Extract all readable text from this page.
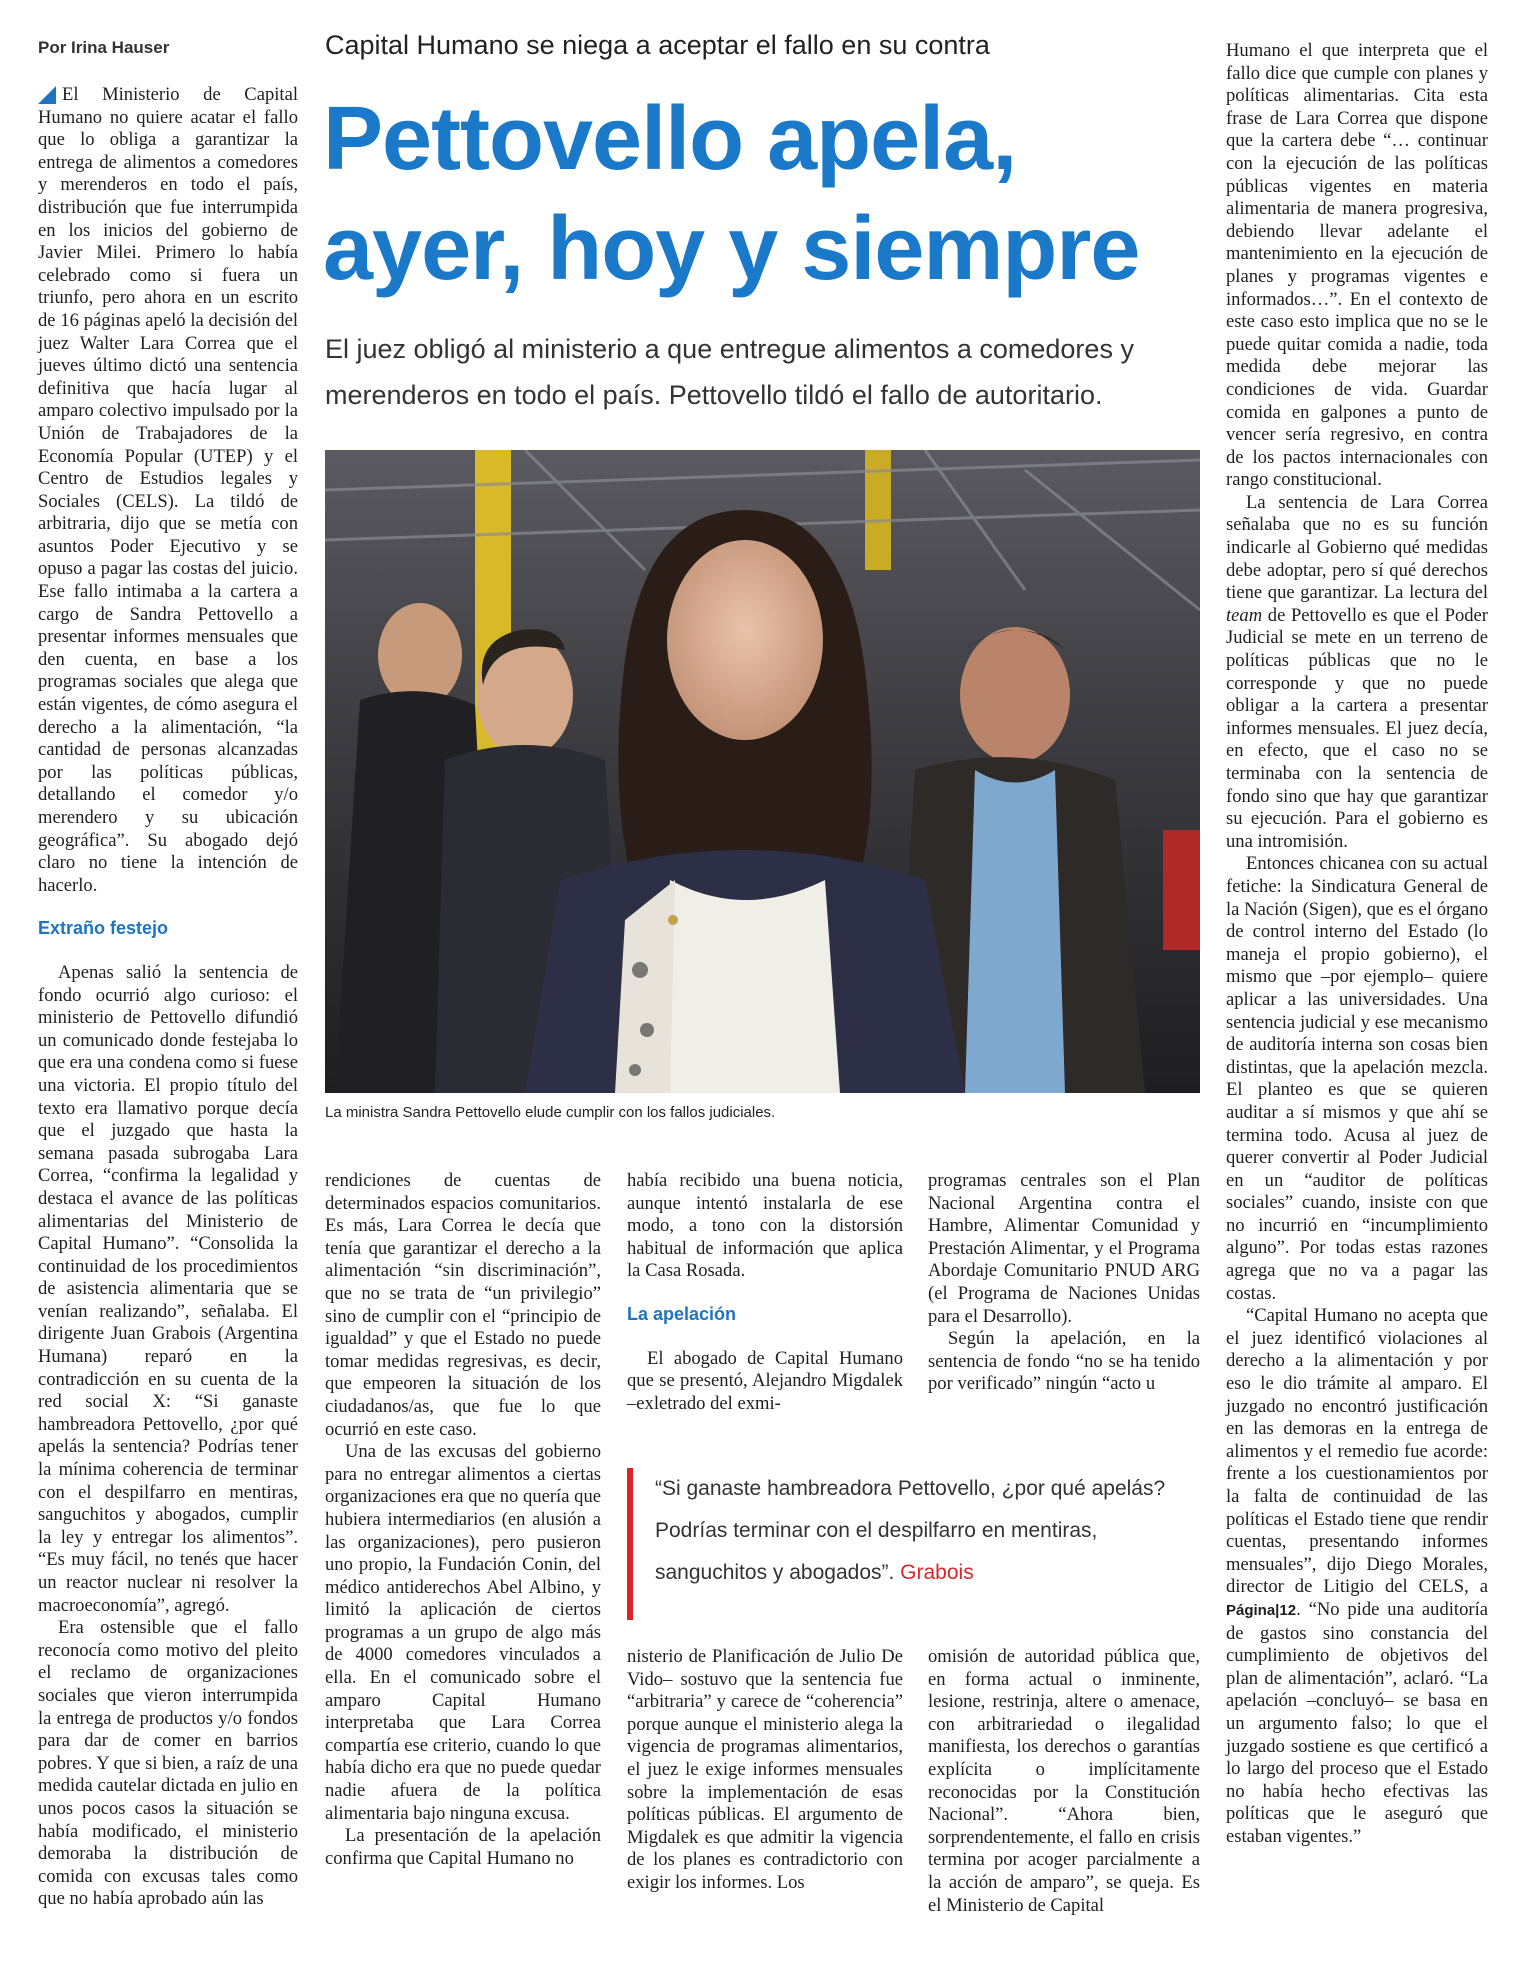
Por Irina Hauser	Capital Humano se niega a aceptar el fallo en su contra
Pettovello apela,
ayer, hoy y siempre
El juez obligó al ministerio a que entregue alimentos a comedores y merenderos en todo el país. Pettovello tildó el fallo de autoritario.
La ministra Sandra Pettovello elude cumplir con los fallos judiciales.

El Ministerio de Capital Humano no quiere acatar el fallo que lo obliga a garantizar la entrega de alimentos a comedores y merenderos en todo el país, distribución que fue interrumpida en los inicios del gobierno de Javier Milei. Primero lo había celebrado como si fuera un triunfo, pero ahora en un escrito de 16 páginas apeló la decisión del juez Walter Lara Correa que el jueves último dictó una sentencia definitiva que hacía lugar al amparo colectivo impulsado por la Unión de Trabajadores de la Economía Popular (UTEP) y el Centro de Estudios legales y Sociales (CELS). La tildó de arbitraria, dijo que se metía con asuntos Poder Ejecutivo y se opuso a pagar las costas del juicio. Ese fallo intimaba a la cartera a cargo de Sandra Pettovello a presentar informes mensuales que den cuenta, en base a los programas sociales que alega que están vigentes, de cómo asegura el derecho a la alimentación, “la cantidad de personas alcanzadas por las políticas públicas, detallando el comedor y/o merendero y su ubicación geográfica”. Su abogado dejó claro no tiene la intención de hacerlo.

Extraño festejo

Apenas salió la sentencia de fondo ocurrió algo curioso: el ministerio de Pettovello difundió un comunicado donde festejaba lo que era una condena como si fuese una victoria. El propio título del texto era llamativo porque decía que el juzgado que hasta la semana pasada subrogaba Lara Correa, “confirma la legalidad y destaca el avance de las políticas alimentarias del Ministerio de Capital Humano”. “Consolida la continuidad de los procedimientos de asistencia alimentaria que se venían realizando”, señalaba. El dirigente Juan Grabois (Argentina Humana) reparó en la contradicción en su cuenta de la red social X: “Si ganaste hambreadora Pettovello, ¿por qué apelás la sentencia? Podrías tener la mínima coherencia de terminar con el despilfarro en mentiras, sanguchitos y abogados, cumplir la ley y entregar los alimentos”. “Es muy fácil, no tenés que hacer un reactor nuclear ni resolver la macroeconomía”, agregó.

Era ostensible que el fallo reconocía como motivo del pleito el reclamo de organizaciones sociales que vieron interrumpida la entrega de productos y/o fondos para dar de comer en barrios pobres. Y que si bien, a raíz de una medida cautelar dictada en julio en unos pocos casos la situación se había modificado, el ministerio demoraba la distribución de comida con excusas tales como que no había aprobado aún las

rendiciones de cuentas de determinados espacios comunitarios. Es más, Lara Correa le decía que tenía que garantizar el derecho a la alimentación “sin discriminación”, que no se trata de “un privilegio” sino de cumplir con el “principio de igualdad” y que el Estado no puede tomar medidas regresivas, es decir, que empeoren la situación de los ciudadanos/as, que fue lo que ocurrió en este caso.

Una de las excusas del gobierno para no entregar alimentos a ciertas organizaciones era que no quería que hubiera intermediarios (en alusión a las organizaciones), pero pusieron uno propio, la Fundación Conin, del médico antiderechos Abel Albino, y limitó la aplicación de ciertos programas a un grupo de algo más de 4000 comedores vinculados a ella. En el comunicado sobre el amparo Capital Humano interpretaba que Lara Correa compartía ese criterio, cuando lo que había dicho era que no puede quedar nadie afuera de la política alimentaria bajo ninguna excusa.

La presentación de la apelación confirma que Capital Humano no

había recibido una buena noticia, aunque intentó instalarla de ese modo, a tono con la distorsión habitual de información que aplica la Casa Rosada.

La apelación

El abogado de Capital Humano que se presentó, Alejandro Migdalek –exletrado del exmi-

nisterio de Planificación de Julio De Vido– sostuvo que la sentencia fue “arbitraria” y carece de “coherencia” porque aunque el ministerio alega la vigencia de programas alimentarios, el juez le exige informes mensuales sobre la implementación de esas políticas públicas. El argumento de Migdalek es que admitir la vigencia de los planes es contradictorio con exigir los informes. Los

programas centrales son el Plan Nacional Argentina contra el Hambre, Alimentar Comunidad y Prestación Alimentar, y el Programa Abordaje Comunitario PNUD ARG (el Programa de Naciones Unidas para el Desarrollo).

Según la apelación, en la sentencia de fondo “no se ha tenido por verificado” ningún “acto u

omisión de autoridad pública que, en forma actual o inminente, lesione, restrinja, altere o amenace, con arbitrariedad o ilegalidad manifiesta, los derechos o garantías explícita o implícitamente reconocidas por la Constitución Nacional”. “Ahora bien, sorprendentemente, el fallo en crisis termina por acoger parcialmente a la acción de amparo”, se queja. Es el Ministerio de Capital

“Si ganaste hambreadora Pettovello, ¿por qué apelás? Podrías terminar con el despilfarro en mentiras, sanguchitos y abogados”. Grabois

Humano el que interpreta que el fallo dice que cumple con planes y políticas alimentarias. Cita esta frase de Lara Correa que dispone que la cartera debe “… continuar con la ejecución de las políticas públicas vigentes en materia alimentaria de manera progresiva, debiendo llevar adelante el mantenimiento en la ejecución de planes y programas vigentes e informados…”. En el contexto de este caso esto implica que no se le puede quitar comida a nadie, toda medida debe mejorar las condiciones de vida. Guardar comida en galpones a punto de vencer sería regresivo, en contra de los pactos internacionales con rango constitucional.

La sentencia de Lara Correa señalaba que no es su función indicarle al Gobierno qué medidas debe adoptar, pero sí qué derechos tiene que garantizar. La lectura del team de Pettovello es que el Poder Judicial se mete en un terreno de políticas públicas que no le corresponde y que no puede obligar a la cartera a presentar informes mensuales. El juez decía, en efecto, que el caso no se terminaba con la sentencia de fondo sino que hay que garantizar su ejecución. Para el gobierno es una intromisión.

Entonces chicanea con su actual fetiche: la Sindicatura General de la Nación (Sigen), que es el órgano de control interno del Estado (lo maneja el propio gobierno), el mismo que –por ejemplo– quiere aplicar a las universidades. Una sentencia judicial y ese mecanismo de auditoría interna son cosas bien distintas, que la apelación mezcla. El planteo es que se quieren auditar a sí mismos y que ahí se termina todo. Acusa al juez de querer convertir al Poder Judicial en un “auditor de políticas sociales” cuando, insiste con que no incurrió en “incumplimiento alguno”. Por todas estas razones agrega que no va a pagar las costas.

“Capital Humano no acepta que el juez identificó violaciones al derecho a la alimentación y por eso le dio trámite al amparo. El juzgado no encontró justificación en las demoras en la entrega de alimentos y el remedio fue acorde: frente a los cuestionamientos por la falta de continuidad de las políticas el Estado tiene que rendir cuentas, presentando informes mensuales”, dijo Diego Morales, director de Litigio del CELS, a Página|12. “No pide una auditoría de gastos sino constancia del cumplimiento de objetivos del plan de alimentación”, aclaró. “La apelación –concluyó– se basa en un argumento falso; lo que el juzgado sostiene es que certificó a lo largo del proceso que el Estado no había hecho efectivas las políticas que le aseguró que estaban vigentes.”
